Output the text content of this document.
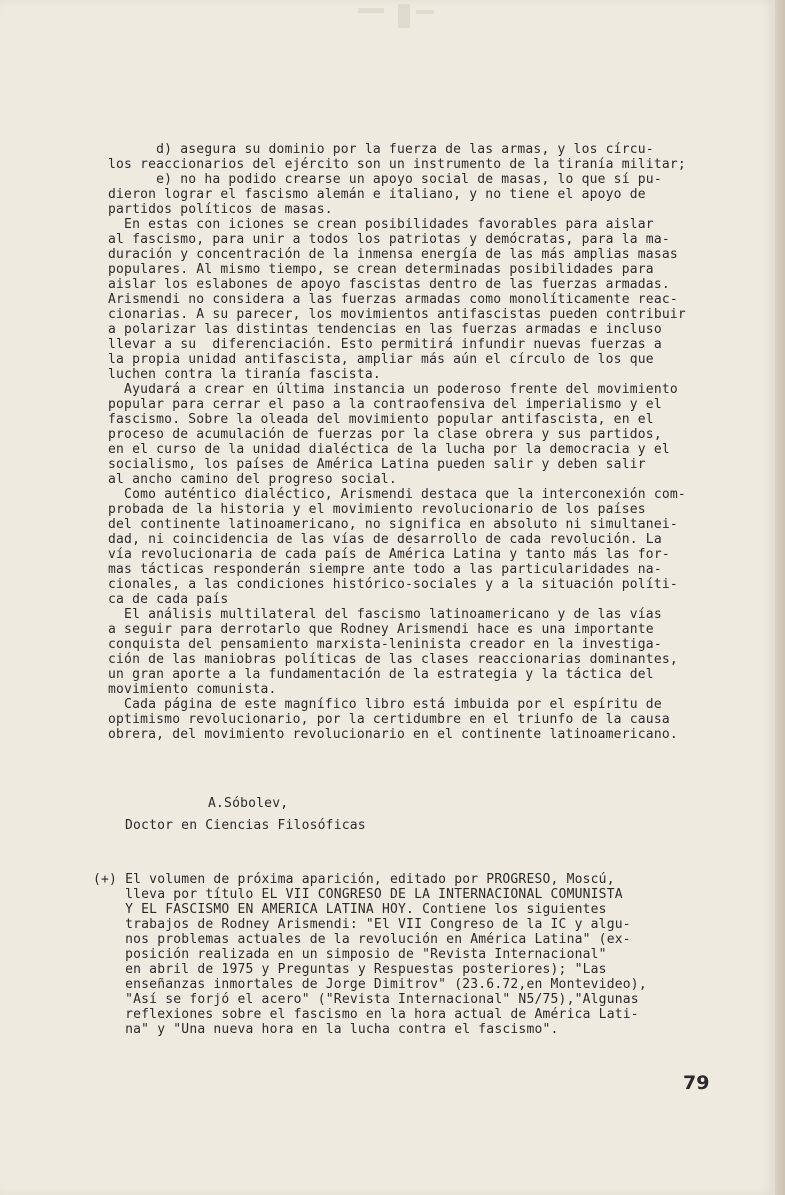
d) asegura su dominio por la fuerza de las armas, y los círcu-
los reaccionarios del ejército son un instrumento de la tiranía militar;
e) no ha podido crearse un apoyo social de masas, lo que sí pu-
dieron lograr el fascismo alemán e italiano, y no tiene el apoyo de
partidos políticos de masas.
En estas con iciones se crean posibilidades favorables para aislar
al fascismo, para unir a todos los patriotas y demócratas, para la ma-
duración y concentración de la inmensa energía de las más amplias masas
populares. Al mismo tiempo, se crean determinadas posibilidades para
aislar los eslabones de apoyo fascistas dentro de las fuerzas armadas.
Arismendi no considera a las fuerzas armadas como monolíticamente reac-
cionarias. A su parecer, los movimientos antifascistas pueden contribuir
a polarizar las distintas tendencias en las fuerzas armadas e incluso
llevar a su  diferenciación. Esto permitirá infundir nuevas fuerzas a
la propia unidad antifascista, ampliar más aún el círculo de los que
luchen contra la tiranía fascista.
Ayudará a crear en última instancia un poderoso frente del movimiento
popular para cerrar el paso a la contraofensiva del imperialismo y el
fascismo. Sobre la oleada del movimiento popular antifascista, en el
proceso de acumulación de fuerzas por la clase obrera y sus partidos,
en el curso de la unidad dialéctica de la lucha por la democracia y el
socialismo, los países de América Latina pueden salir y deben salir
al ancho camino del progreso social.
Como auténtico dialéctico, Arismendi destaca que la interconexión com-
probada de la historia y el movimiento revolucionario de los países
del continente latinoamericano, no significa en absoluto ni simultanei-
dad, ni coincidencia de las vías de desarrollo de cada revolución. La
vía revolucionaria de cada país de América Latina y tanto más las for-
mas tácticas responderán siempre ante todo a las particularidades na-
cionales, a las condiciones histórico-sociales y a la situación políti-
ca de cada país
El análisis multilateral del fascismo latinoamericano y de las vías
a seguir para derrotarlo que Rodney Arismendi hace es una importante
conquista del pensamiento marxista-leninista creador en la investiga-
ción de las maniobras políticas de las clases reaccionarias dominantes,
un gran aporte a la fundamentación de la estrategia y la táctica del
movimiento comunista.
Cada página de este magnífico libro está imbuida por el espíritu de
optimismo revolucionario, por la certidumbre en el triunfo de la causa
obrera, del movimiento revolucionario en el continente latinoamericano.
A.Sóbolev,
Doctor en Ciencias Filosóficas
(+) El volumen de próxima aparición, editado por PROGRESO, Moscú,
lleva por título EL VII CONGRESO DE LA INTERNACIONAL COMUNISTA
Y EL FASCISMO EN AMERICA LATINA HOY. Contiene los siguientes
trabajos de Rodney Arismendi: "El VII Congreso de la IC y algu-
nos problemas actuales de la revolución en América Latina" (ex-
posición realizada en un simposio de "Revista Internacional"
en abril de 1975 y Preguntas y Respuestas posteriores); "Las
enseñanzas inmortales de Jorge Dimitrov" (23.6.72,en Montevideo),
"Así se forjó el acero" ("Revista Internacional" N5/75),"Algunas
reflexiones sobre el fascismo en la hora actual de América Lati-
na" y "Una nueva hora en la lucha contra el fascismo".
79
